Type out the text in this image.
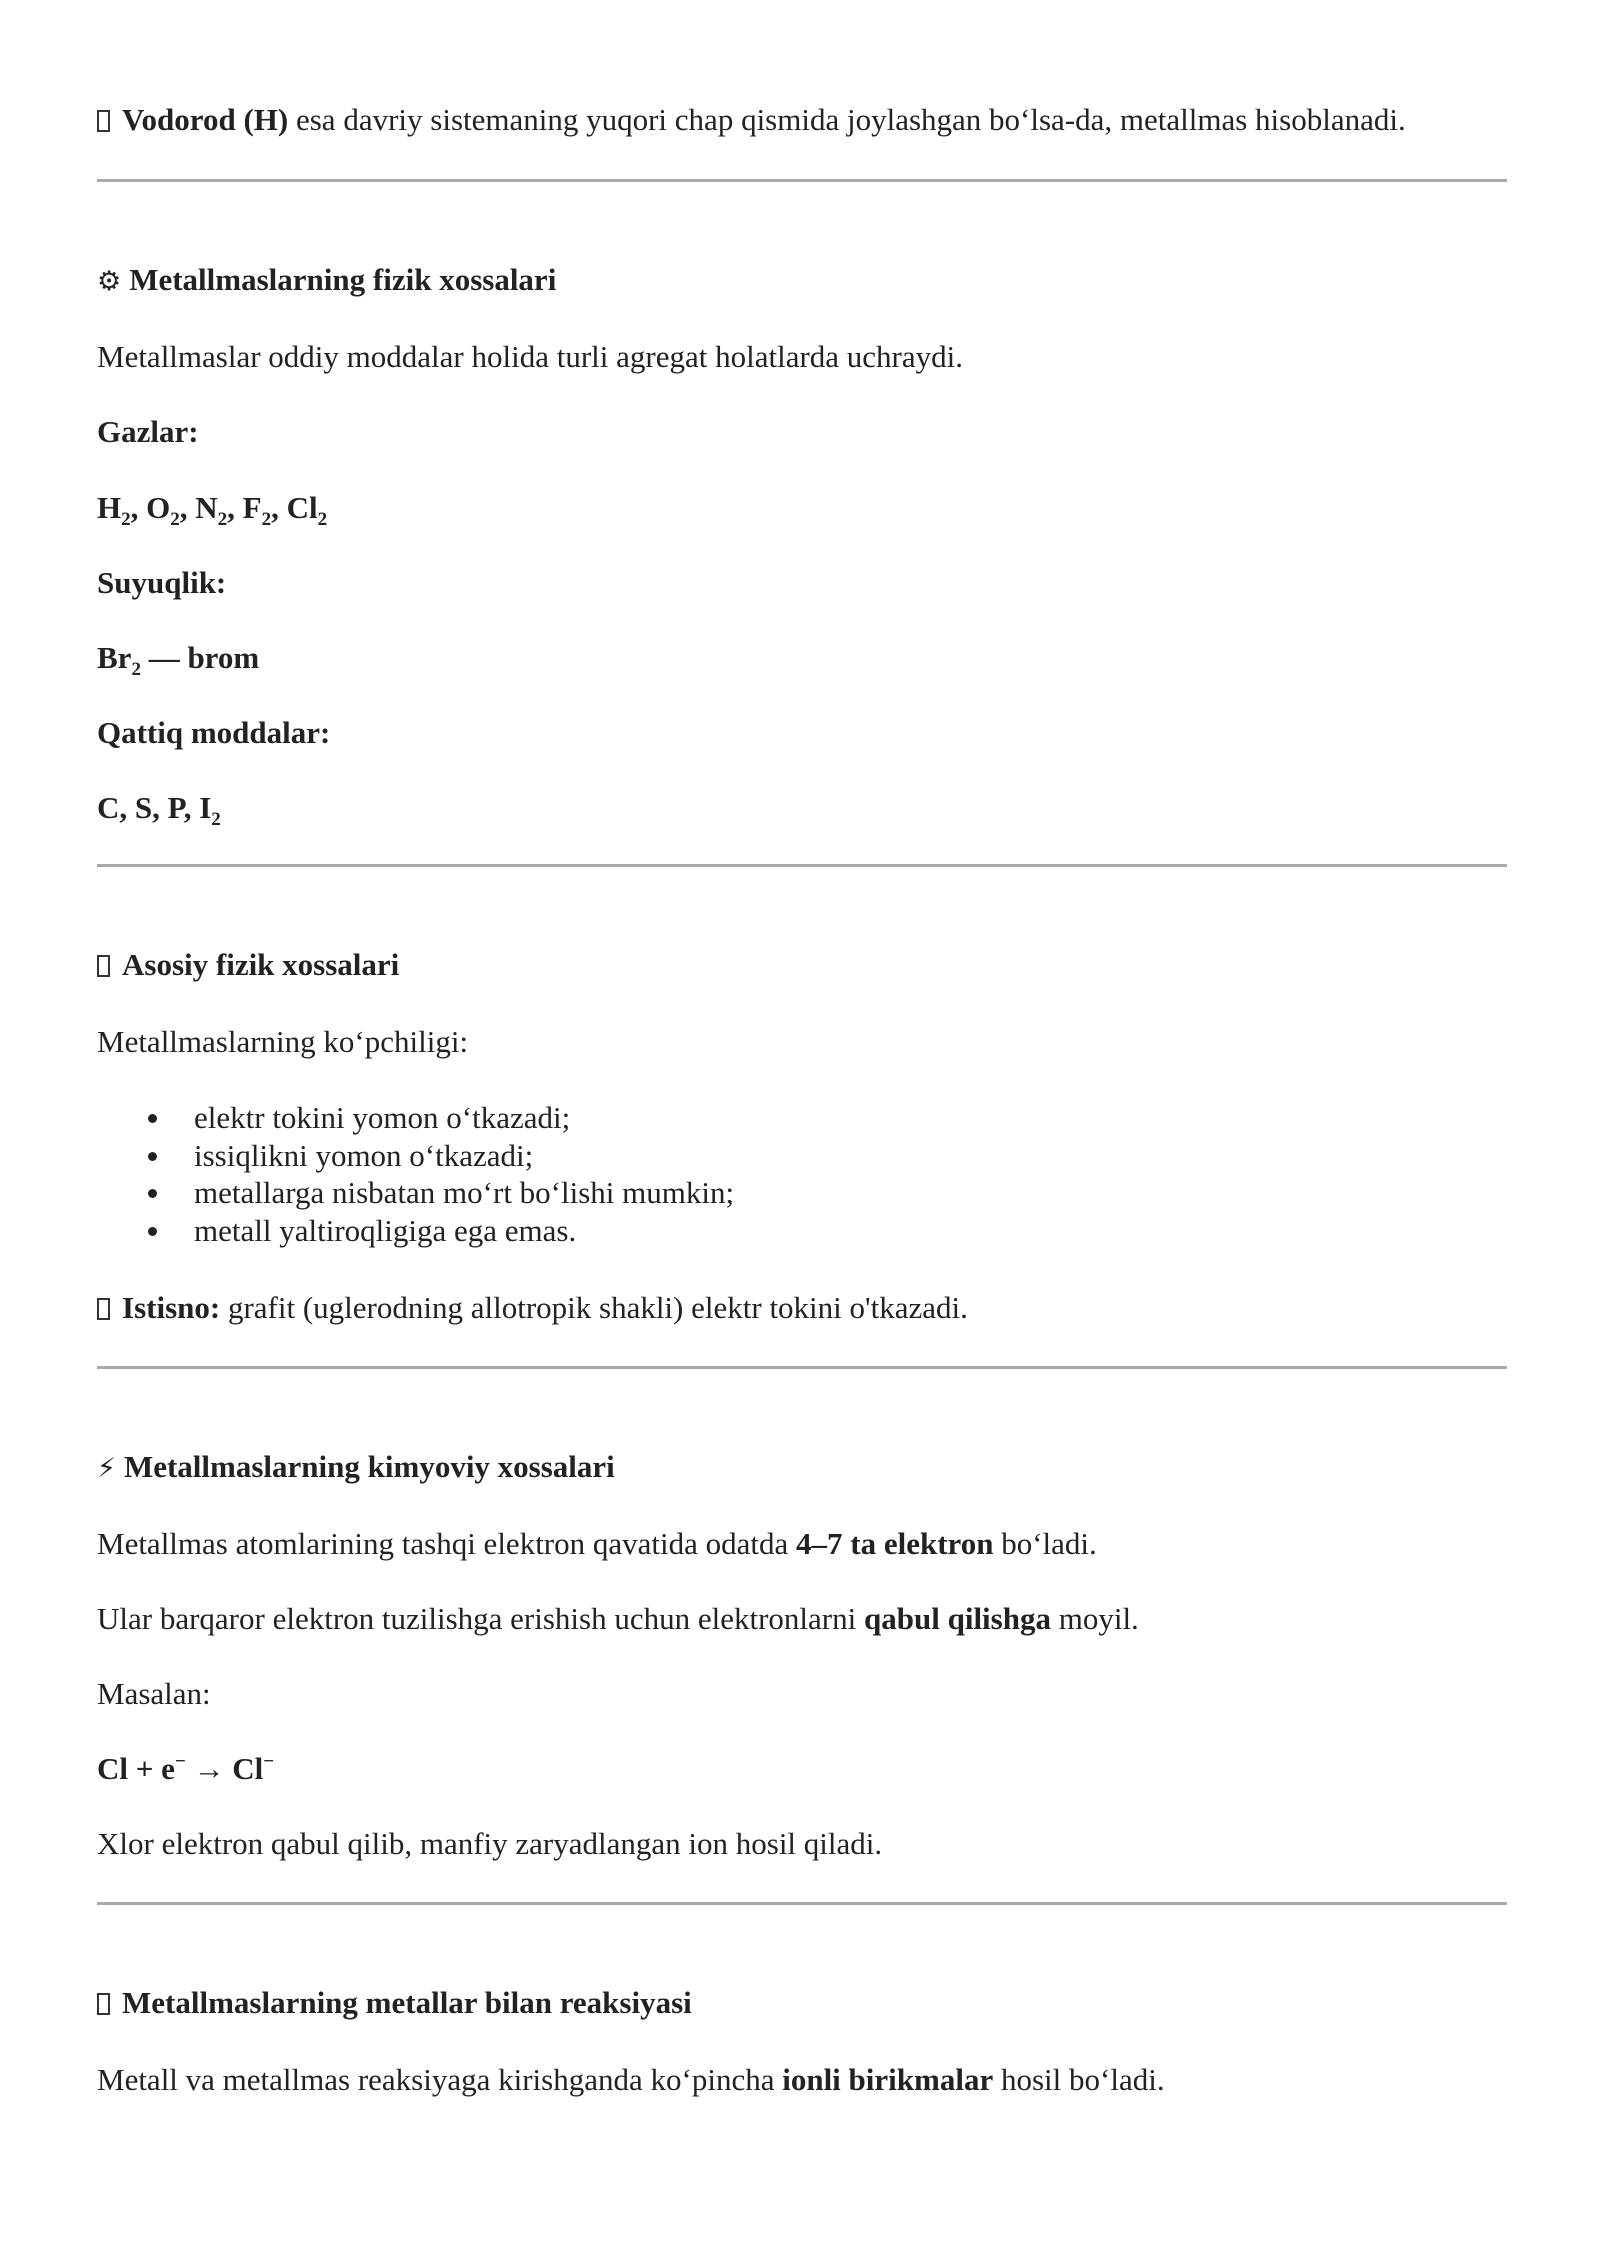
Vodorod (H) esa davriy sistemaning yuqori chap qismida joylashgan bo‘lsa-da, metallmas hisoblanadi.
⚙ Metallmaslarning fizik xossalari
Metallmaslar oddiy moddalar holida turli agregat holatlarda uchraydi.
Gazlar:
$H_2$, $O_2$, $N_2$, $F_2$, $Cl_2$
Suyuqlik:
$Br_2$ — brom
Qattiq moddalar:
C, S, P, $I_2$
Asosiy fizik xossalari
Metallmaslarning ko‘pchiligi:
elektr tokini yomon o‘tkazadi;
issiqlikni yomon o‘tkazadi;
metallarga nisbatan mo‘rt bo‘lishi mumkin;
metall yaltiroqligiga ega emas.
Istisno: grafit (uglerodning allotropik shakli) elektr tokini o'tkazadi.
⚡ Metallmaslarning kimyoviy xossalari
Metallmas atomlarining tashqi elektron qavatida odatda 4–7 ta elektron bo‘ladi.
Ular barqaror elektron tuzilishga erishish uchun elektronlarni qabul qilishga moyil.
Masalan:
Cl + e− → Cl−
Xlor elektron qabul qilib, manfiy zaryadlangan ion hosil qiladi.
Metallmaslarning metallar bilan reaksiyasi
Metall va metallmas reaksiyaga kirishganda ko‘pincha ionli birikmalar hosil bo‘ladi.
